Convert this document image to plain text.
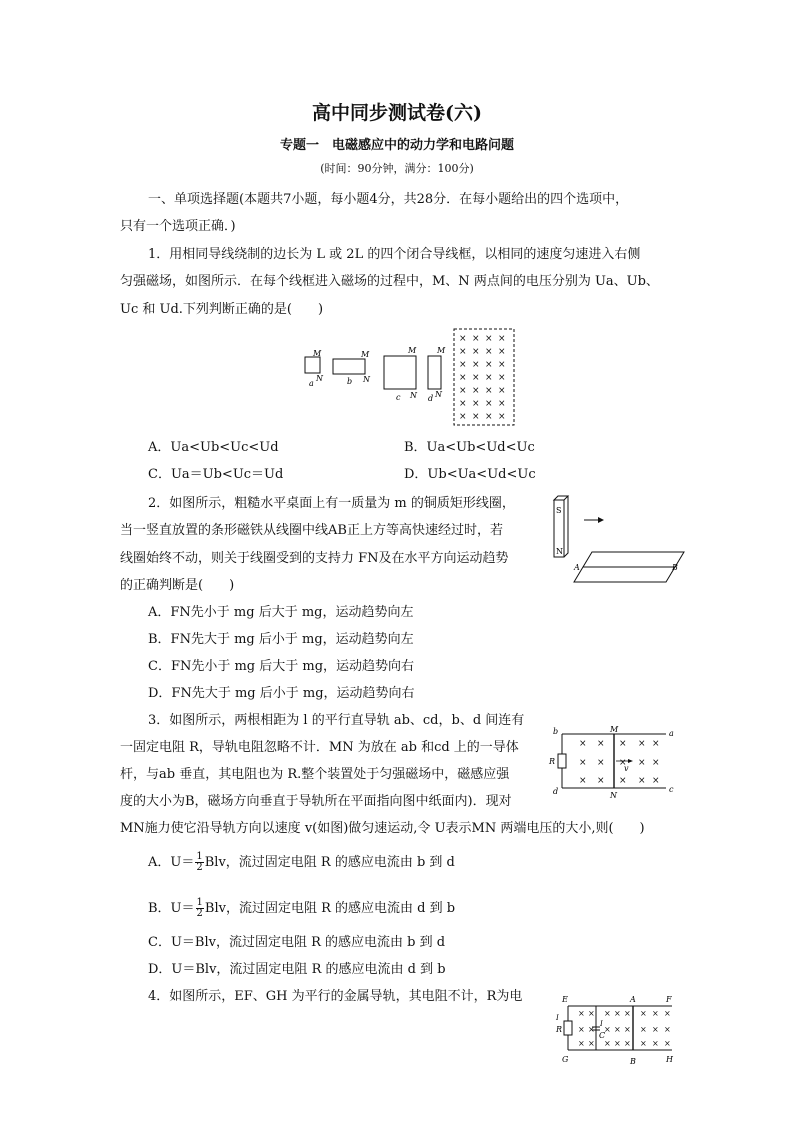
高中同步测试卷(六)
专题一　电磁感应中的动力学和电路问题
(时间：90分钟，满分：100分)
一、单项选择题(本题共7小题，每小题4分，共28分．在每小题给出的四个选项中，
只有一个选项正确．)
1．用相同导线绕制的边长为 L 或 2L 的四个闭合导线框，以相同的速度匀速进入右侧
匀强磁场，如图所示．在每个线框进入磁场的过程中，M、N 两点间的电压分别为 Ua、Ub、
Uc 和 Ud.下列判断正确的是(　　)
M
N
a
M
N
b
M
N
c
M
N
d
×
×
×
×
×
×
×
×
×
×
×
×
×
×
×
×
×
×
×
×
×
×
×
×
×
×
×
×
A．Ua<Ub<Uc<Ud	B．Ua<Ub<Ud<Uc
C．Ua＝Ub<Uc＝Ud	D．Ub<Ua<Ud<Uc
2．如图所示，粗糙水平桌面上有一质量为 m 的铜质矩形线圈，
当一竖直放置的条形磁铁从线圈中线AB正上方等高快速经过时，若
线圈始终不动，则关于线圈受到的支持力 FN及在水平方向运动趋势
的正确判断是(　　)
S
N
A	B
A．FN先小于 mg 后大于 mg，运动趋势向左
B．FN先大于 mg 后小于 mg，运动趋势向左
C．FN先小于 mg 后大于 mg，运动趋势向右
D．FN先大于 mg 后小于 mg，运动趋势向右
3．如图所示，两根相距为 l 的平行直导轨 ab、cd，b、d 间连有
一固定电阻 R，导轨电阻忽略不计．MN 为放在 ab 和cd 上的一导体
杆，与ab 垂直，其电阻也为 R.整个装置处于匀强磁场中，磁感应强
度的大小为B，磁场方向垂直于导轨所在平面指向图中纸面内)．现对
MN施力使它沿导轨方向以速度 v(如图)做匀速运动,令 U表示MN 两端电压的大小,则(　　)
b	M	a
R
d	N
c
v
×
×
×
×
×
×
×
×
×
×
×
×
×
×
×
A．$U= \frac{1}{2}$ Blv，流过固定电阻 R 的感应电流由 b 到 d
B．$U= \frac{1}{2}$ Blv，流过固定电阻 R 的感应电流由 d 到 b
C．U＝Blv，流过固定电阻 R 的感应电流由 b 到 d
D．U＝Blv，流过固定电阻 R 的感应电流由 d 到 b
4．如图所示，EF、GH 为平行的金属导轨，其电阻不计，R为电	E	A	F
I
R
I
C
G	B	H
×
×
×
×
×
×
×
×
×
×
×
×
×
×
×
×
×
×
×
×
×
×
×
×
